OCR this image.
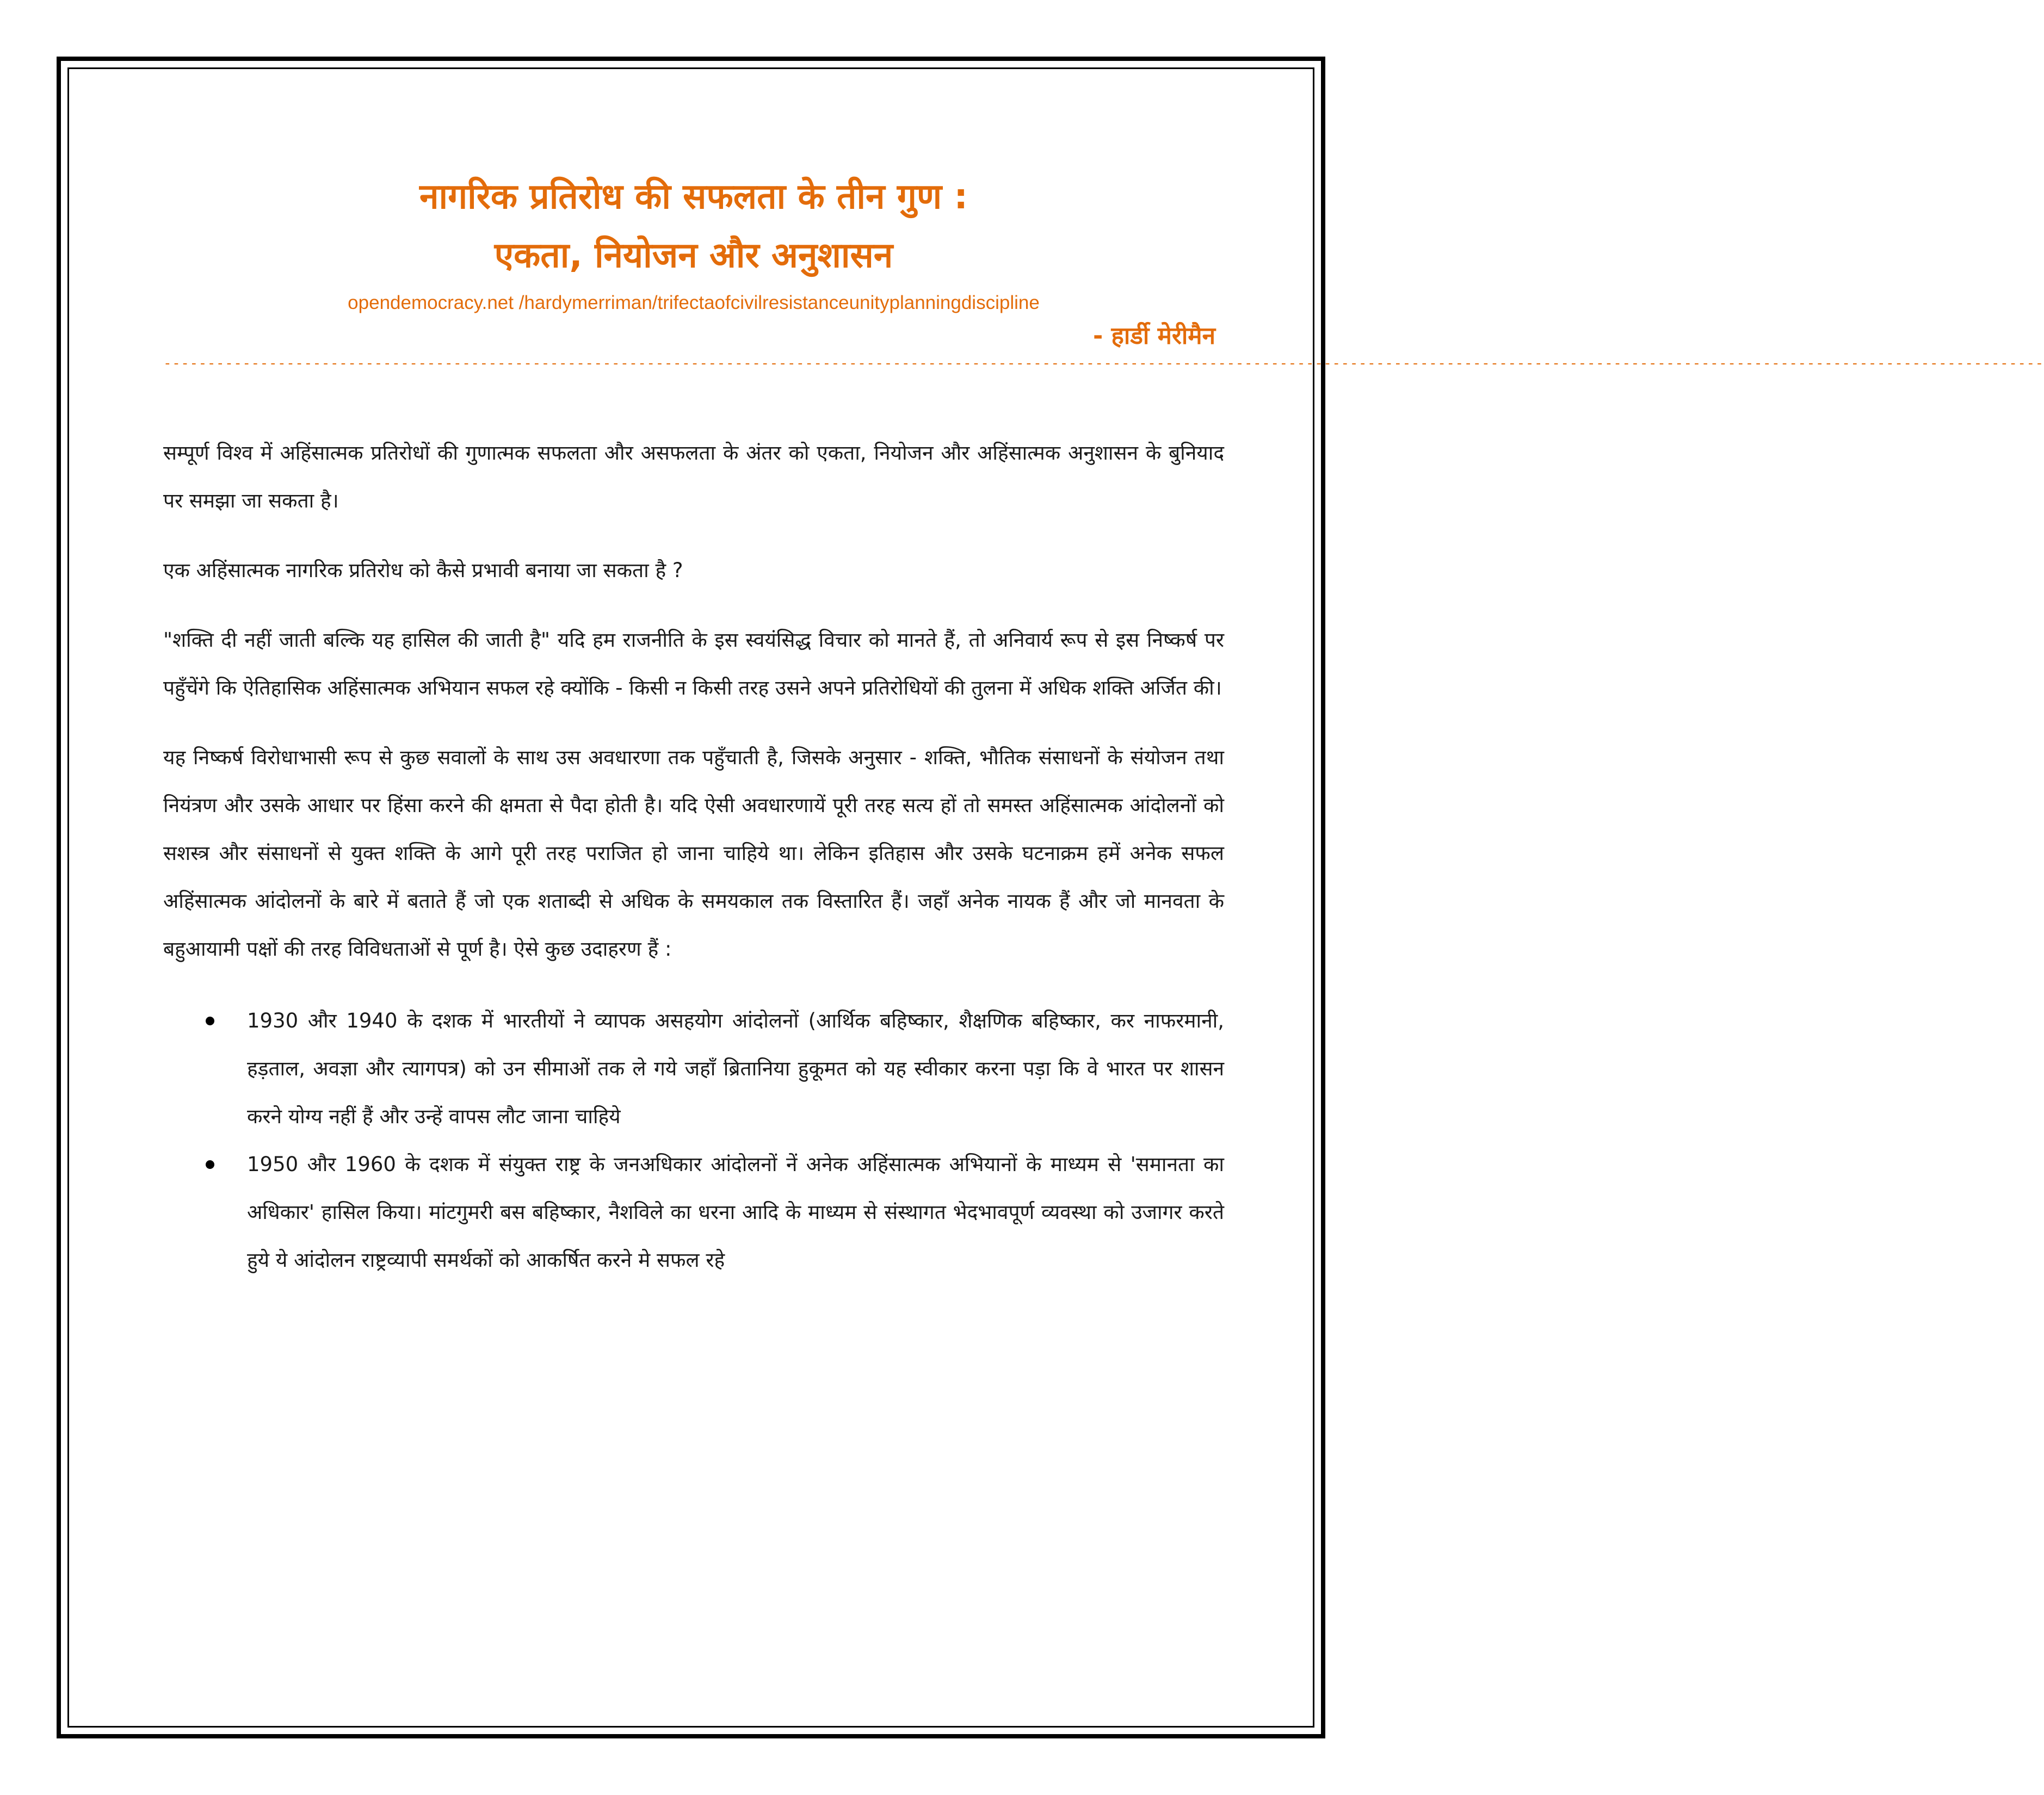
नागरिक प्रतिरोध की सफलता के तीन गुण :
एकता, नियोजन और अनुशासन
opendemocracy.net /hardymerriman/trifectaofcivilresistanceunityplanningdiscipline
- हार्डी मेरीमैन
----------------------------------------------------------------------------------------------------------------------------------------------------------------------------------------------------------------------

सम्पूर्ण विश्व में अहिंसात्मक प्रतिरोधों की गुणात्मक सफलता और असफलता के अंतर को एकता, नियोजन और अहिंसात्मक अनुशासन के बुनियाद पर समझा जा सकता है।

एक अहिंसात्मक नागरिक प्रतिरोध को कैसे प्रभावी बनाया जा सकता है ?

"शक्ति दी नहीं जाती बल्कि यह हासिल की जाती है" यदि हम राजनीति के इस स्वयंसिद्ध विचार को मानते हैं, तो अनिवार्य रूप से इस निष्कर्ष पर पहुँचेंगे कि ऐतिहासिक अहिंसात्मक अभियान सफल रहे क्योंकि - किसी न किसी तरह उसने अपने प्रतिरोधियों की तुलना में अधिक शक्ति अर्जित की।

यह निष्कर्ष विरोधाभासी रूप से कुछ सवालों के साथ उस अवधारणा तक पहुँचाती है, जिसके अनुसार - शक्ति, भौतिक संसाधनों के संयोजन तथा नियंत्रण और उसके आधार पर हिंसा करने की क्षमता से पैदा होती है। यदि ऐसी अवधारणायें पूरी तरह सत्य हों तो समस्त अहिंसात्मक आंदोलनों को सशस्त्र और संसाधनों से युक्त शक्ति के आगे पूरी तरह पराजित हो जाना चाहिये था। लेकिन इतिहास और उसके घटनाक्रम हमें अनेक सफल अहिंसात्मक आंदोलनों के बारे में बताते हैं जो एक शताब्दी से अधिक के समयकाल तक विस्तारित हैं। जहाँ अनेक नायक हैं और जो मानवता के बहुआयामी पक्षों की तरह विविधताओं से पूर्ण है। ऐसे कुछ उदाहरण हैं :

1930 और 1940 के दशक में भारतीयों ने व्यापक असहयोग आंदोलनों (आर्थिक बहिष्कार, शैक्षणिक बहिष्कार, कर नाफरमानी, हड़ताल, अवज्ञा और त्यागपत्र) को उन सीमाओं तक ले गये जहाँ ब्रितानिया हुकूमत को यह स्वीकार करना पड़ा कि वे भारत पर शासन करने योग्य नहीं हैं और उन्हें वापस लौट जाना चाहिये
1950 और 1960 के दशक में संयुक्त राष्ट्र के जनअधिकार आंदोलनों नें अनेक अहिंसात्मक अभियानों के माध्यम से 'समानता का अधिकार' हासिल किया। मांटगुमरी बस बहिष्कार, नैशविले का धरना आदि के माध्यम से संस्थागत भेदभावपूर्ण व्यवस्था को उजागर करते हुये ये आंदोलन राष्ट्रव्यापी समर्थकों को आकर्षित करने मे सफल रहे
